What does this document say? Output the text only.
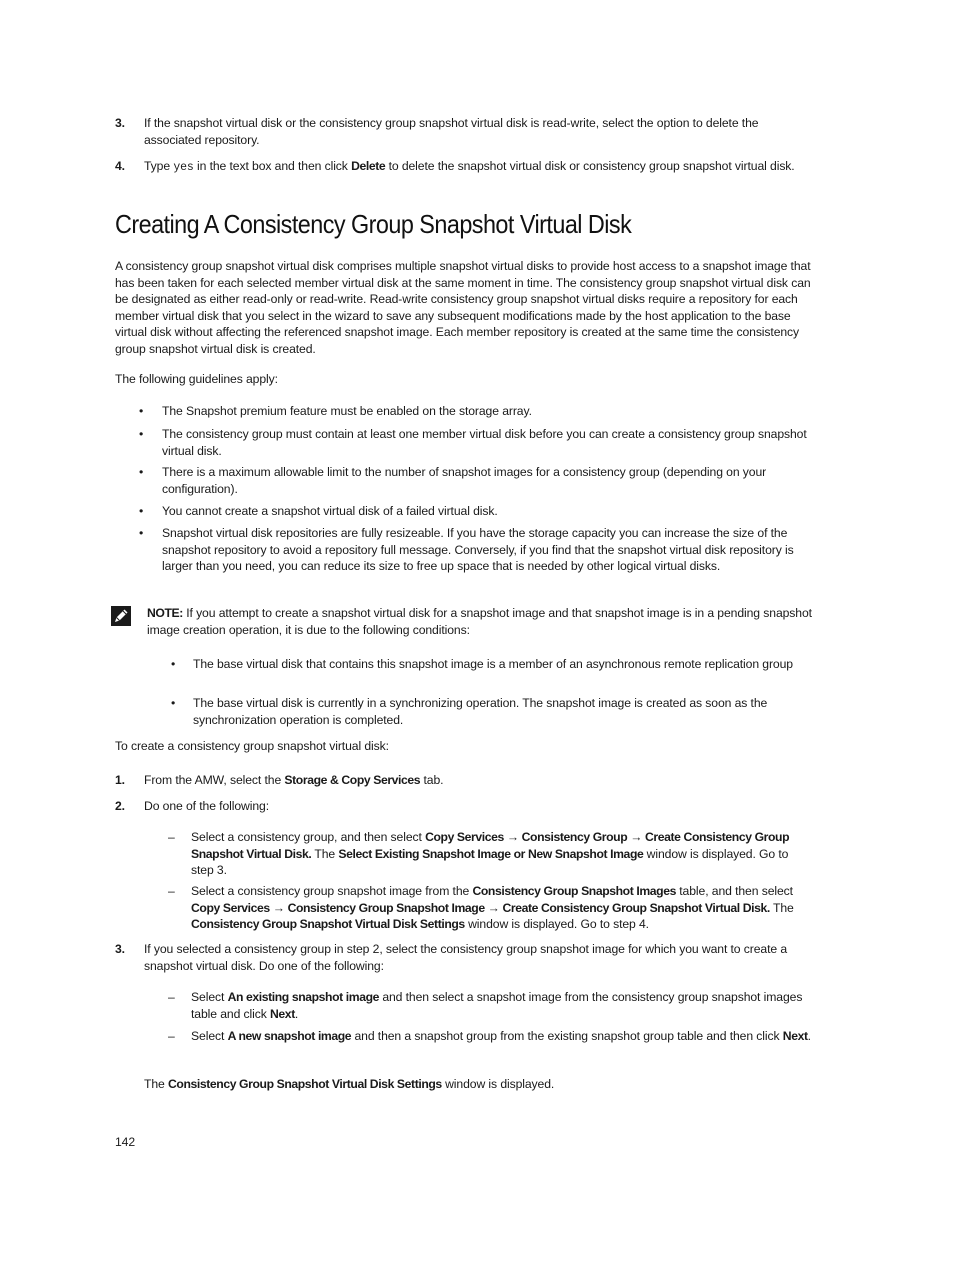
3. If the snapshot virtual disk or the consistency group snapshot virtual disk is read-write, select the option to delete the associated repository.
4. Type yes in the text box and then click Delete to delete the snapshot virtual disk or consistency group snapshot virtual disk.
Creating A Consistency Group Snapshot Virtual Disk
A consistency group snapshot virtual disk comprises multiple snapshot virtual disks to provide host access to a snapshot image that has been taken for each selected member virtual disk at the same moment in time. The consistency group snapshot virtual disk can be designated as either read-only or read-write. Read-write consistency group snapshot virtual disks require a repository for each member virtual disk that you select in the wizard to save any subsequent modifications made by the host application to the base virtual disk without affecting the referenced snapshot image. Each member repository is created at the same time the consistency group snapshot virtual disk is created.
The following guidelines apply:
• The Snapshot premium feature must be enabled on the storage array.
• The consistency group must contain at least one member virtual disk before you can create a consistency group snapshot virtual disk.
• There is a maximum allowable limit to the number of snapshot images for a consistency group (depending on your configuration).
• You cannot create a snapshot virtual disk of a failed virtual disk.
• Snapshot virtual disk repositories are fully resizeable. If you have the storage capacity you can increase the size of the snapshot repository to avoid a repository full message. Conversely, if you find that the snapshot virtual disk repository is larger than you need, you can reduce its size to free up space that is needed by other logical virtual disks.
NOTE: If you attempt to create a snapshot virtual disk for a snapshot image and that snapshot image is in a pending snapshot image creation operation, it is due to the following conditions:
• The base virtual disk that contains this snapshot image is a member of an asynchronous remote replication group
• The base virtual disk is currently in a synchronizing operation. The snapshot image is created as soon as the synchronization operation is completed.
To create a consistency group snapshot virtual disk:
1. From the AMW, select the Storage & Copy Services tab.
2. Do one of the following:
– Select a consistency group, and then select Copy Services → Consistency Group → Create Consistency Group Snapshot Virtual Disk. The Select Existing Snapshot Image or New Snapshot Image window is displayed. Go to step 3.
– Select a consistency group snapshot image from the Consistency Group Snapshot Images table, and then select Copy Services → Consistency Group Snapshot Image → Create Consistency Group Snapshot Virtual Disk. The Consistency Group Snapshot Virtual Disk Settings window is displayed. Go to step 4.
3. If you selected a consistency group in step 2, select the consistency group snapshot image for which you want to create a snapshot virtual disk. Do one of the following:
– Select An existing snapshot image and then select a snapshot image from the consistency group snapshot images table and click Next.
– Select A new snapshot image and then a snapshot group from the existing snapshot group table and then click Next.
The Consistency Group Snapshot Virtual Disk Settings window is displayed.
142
